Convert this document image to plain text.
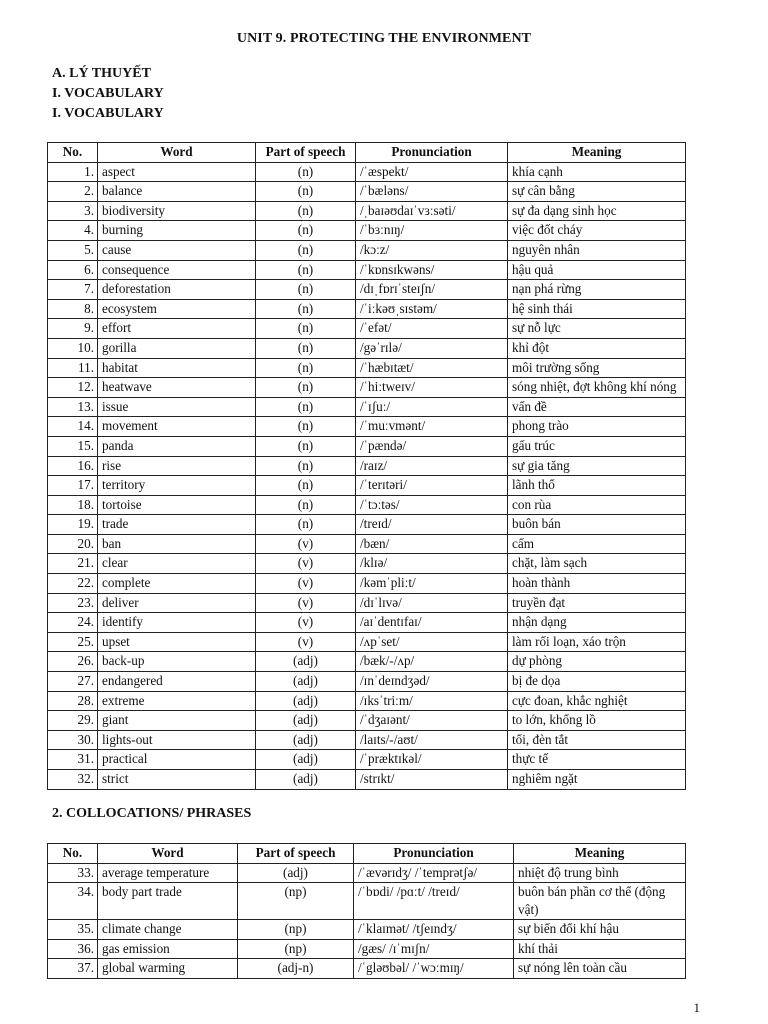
UNIT 9. PROTECTING THE ENVIRONMENT
A. LÝ THUYẾT
I. VOCABULARY
I. VOCABULARY
No.	Word	Part of speech	Pronunciation	Meaning
1.	aspect	(n)	/ˈæspekt/	khía cạnh
2.	balance	(n)	/ˈbæləns/	sự cân bằng
3.	biodiversity	(n)	/ˌbaɪəʊdaɪˈvɜːsəti/	sự đa dạng sinh học
4.	burning	(n)	/ˈbɜːnɪŋ/	việc đốt cháy
5.	cause	(n)	/kɔːz/	nguyên nhân
6.	consequence	(n)	/ˈkɒnsɪkwəns/	hậu quả
7.	deforestation	(n)	/dɪˌfɒrɪˈsteɪʃn/	nạn phá rừng
8.	ecosystem	(n)	/ˈiːkəʊˌsɪstəm/	hệ sinh thái
9.	effort	(n)	/ˈefət/	sự nỗ lực
10.	gorilla	(n)	/gəˈrɪlə/	khỉ đột
11.	habitat	(n)	/ˈhæbɪtæt/	môi trường sống
12.	heatwave	(n)	/ˈhiːtweɪv/	sóng nhiệt, đợt không khí nóng
13.	issue	(n)	/ˈɪʃuː/	vấn đề
14.	movement	(n)	/ˈmuːvmənt/	phong trào
15.	panda	(n)	/ˈpændə/	gấu trúc
16.	rise	(n)	/raɪz/	sự gia tăng
17.	territory	(n)	/ˈterɪtəri/	lãnh thổ
18.	tortoise	(n)	/ˈtɔːtəs/	con rùa
19.	trade	(n)	/treɪd/	buôn bán
20.	ban	(v)	/bæn/	cấm
21.	clear	(v)	/klɪə/	chặt, làm sạch
22.	complete	(v)	/kəmˈpliːt/	hoàn thành
23.	deliver	(v)	/dɪˈlɪvə/	truyền đạt
24.	identify	(v)	/aɪˈdentɪfaɪ/	nhận dạng
25.	upset	(v)	/ʌpˈset/	làm rối loạn, xáo trộn
26.	back-up	(adj)	/bæk/-/ʌp/	dự phòng
27.	endangered	(adj)	/ɪnˈdeɪndʒəd/	bị đe dọa
28.	extreme	(adj)	/ɪksˈtriːm/	cực đoan, khắc nghiệt
29.	giant	(adj)	/ˈdʒaɪənt/	to lớn, khổng lồ
30.	lights-out	(adj)	/laɪts/-/aʊt/	tối, đèn tắt
31.	practical	(adj)	/ˈpræktɪkəl/	thực tế
32.	strict	(adj)	/strɪkt/	nghiêm ngặt
2. COLLOCATIONS/ PHRASES
No.	Word	Part of speech	Pronunciation	Meaning
33.	average temperature	(adj)	/ˈævərɪdʒ/ /ˈtemprətʃə/	nhiệt độ trung bình
34.	body part trade	(np)	/ˈbɒdi/ /pɑːt/ /treɪd/	buôn bán phần cơ thể (động vật)
35.	climate change	(np)	/ˈklaɪmət/ /tʃeɪndʒ/	sự biến đổi khí hậu
36.	gas emission	(np)	/gæs/ /ɪˈmɪʃn/	khí thải
37.	global warming	(adj-n)	/ˈgləʊbəl/ /ˈwɔːmɪŋ/	sự nóng lên toàn cầu
1
